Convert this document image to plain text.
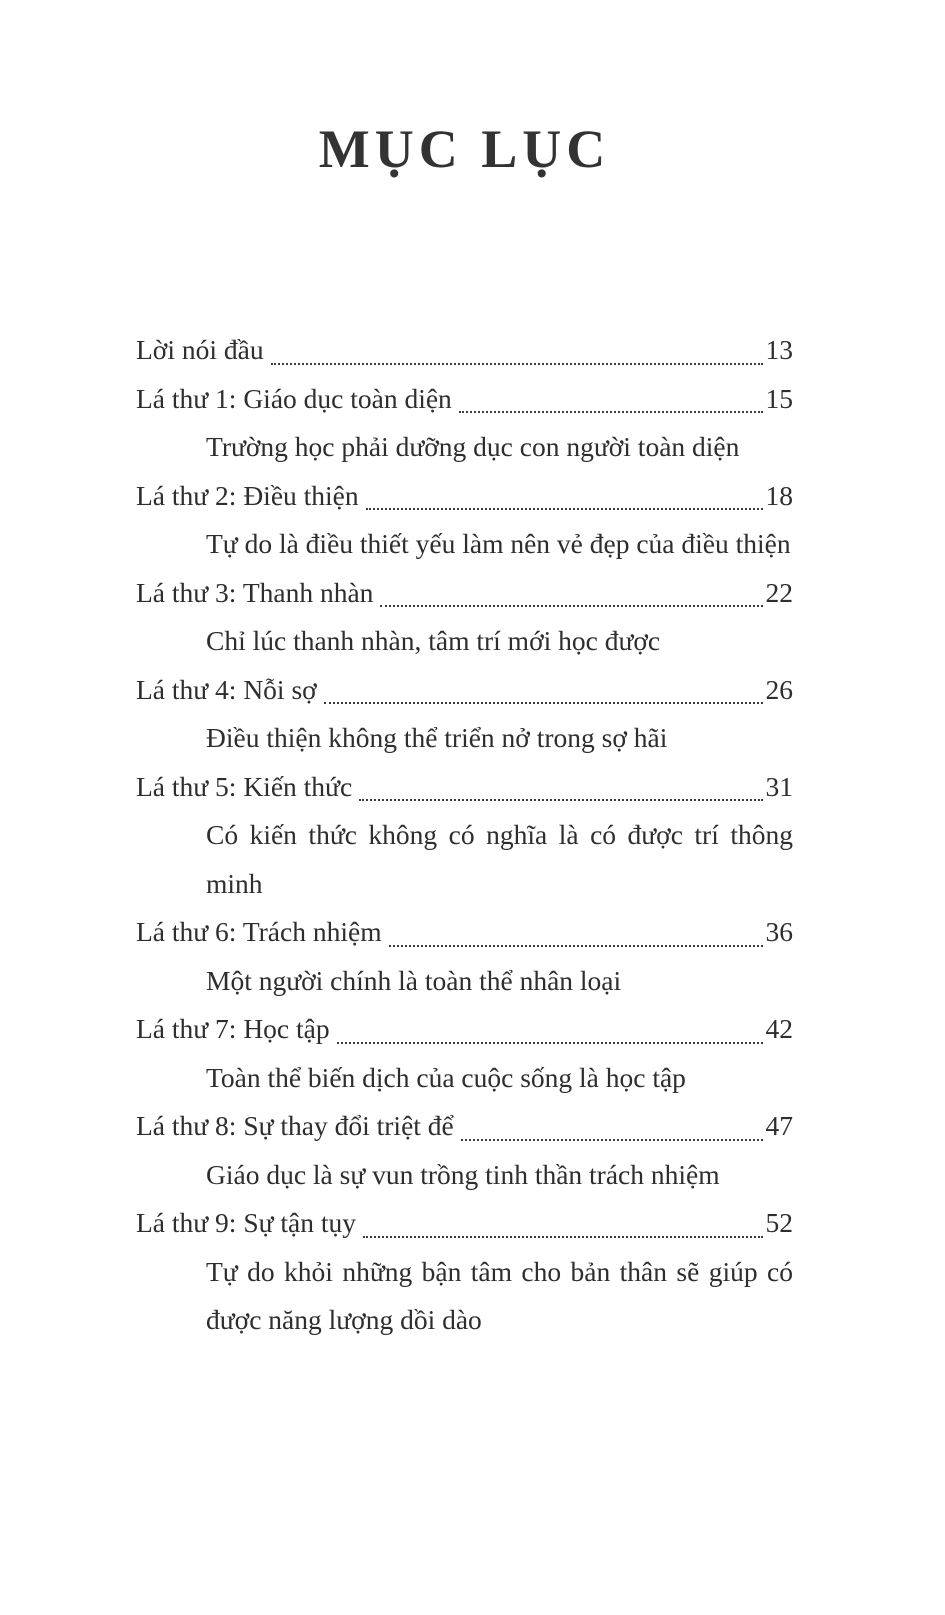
MỤC LỤC
Lời nói đầu	13
Lá thư 1: Giáo dục toàn diện	15
Trường học phải dưỡng dục con người toàn diện
Lá thư 2: Điều thiện	18
Tự do là điều thiết yếu làm nên vẻ đẹp của điều thiện
Lá thư 3: Thanh nhàn	22
Chỉ lúc thanh nhàn, tâm trí mới học được
Lá thư 4: Nỗi sợ	26
Điều thiện không thể triển nở trong sợ hãi
Lá thư 5: Kiến thức	31
Có kiến thức không có nghĩa là có được trí thông minh
Lá thư 6: Trách nhiệm	36
Một người chính là toàn thể nhân loại
Lá thư 7: Học tập	42
Toàn thể biến dịch của cuộc sống là học tập
Lá thư 8: Sự thay đổi triệt để	47
Giáo dục là sự vun trồng tinh thần trách nhiệm
Lá thư 9: Sự tận tụy	52
Tự do khỏi những bận tâm cho bản thân sẽ giúp có được năng lượng dồi dào
